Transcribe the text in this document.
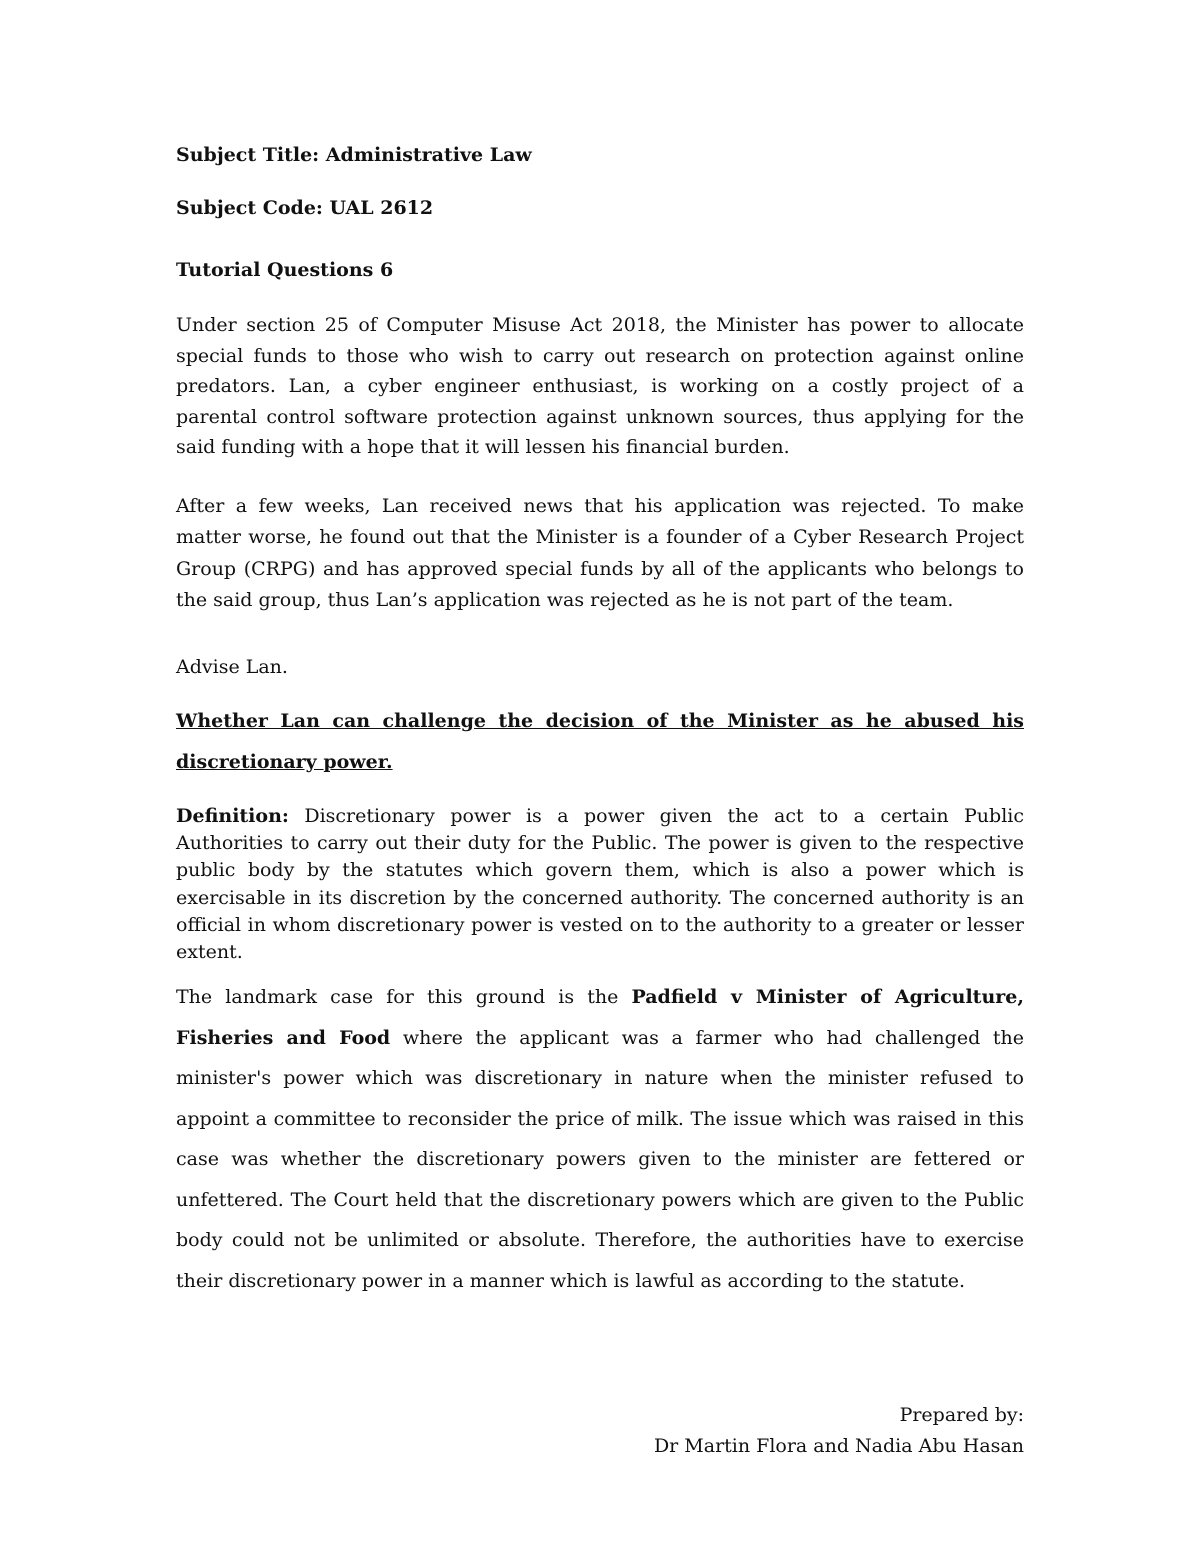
Subject Title: Administrative Law

Subject Code: UAL 2612

Tutorial Questions 6

Under section 25 of Computer Misuse Act 2018, the Minister has power to allocate special funds to those who wish to carry out research on protection against online predators. Lan, a cyber engineer enthusiast, is working on a costly project of a parental control software protection against unknown sources, thus applying for the said funding with a hope that it will lessen his financial burden.

After a few weeks, Lan received news that his application was rejected. To make matter worse, he found out that the Minister is a founder of a Cyber Research Project Group (CRPG) and has approved special funds by all of the applicants who belongs to the said group, thus Lan’s application was rejected as he is not part of the team.

Advise Lan.

Whether Lan can challenge the decision of the Minister as he abused his discretionary power.

Definition: Discretionary power is a power given the act to a certain Public Authorities to carry out their duty for the Public. The power is given to the respective public body by the statutes which govern them, which is also a power which is exercisable in its discretion by the concerned authority. The concerned authority is an official in whom discretionary power is vested on to the authority to a greater or lesser extent.

The landmark case for this ground is the Padfield v Minister of Agriculture, Fisheries and Food where the applicant was a farmer who had challenged the minister's power which was discretionary in nature when the minister refused to appoint a committee to reconsider the price of milk. The issue which was raised in this case was whether the discretionary powers given to the minister are fettered or unfettered. The Court held that the discretionary powers which are given to the Public body could not be unlimited or absolute. Therefore, the authorities have to exercise their discretionary power in a manner which is lawful as according to the statute.

Prepared by:
Dr Martin Flora and Nadia Abu Hasan
